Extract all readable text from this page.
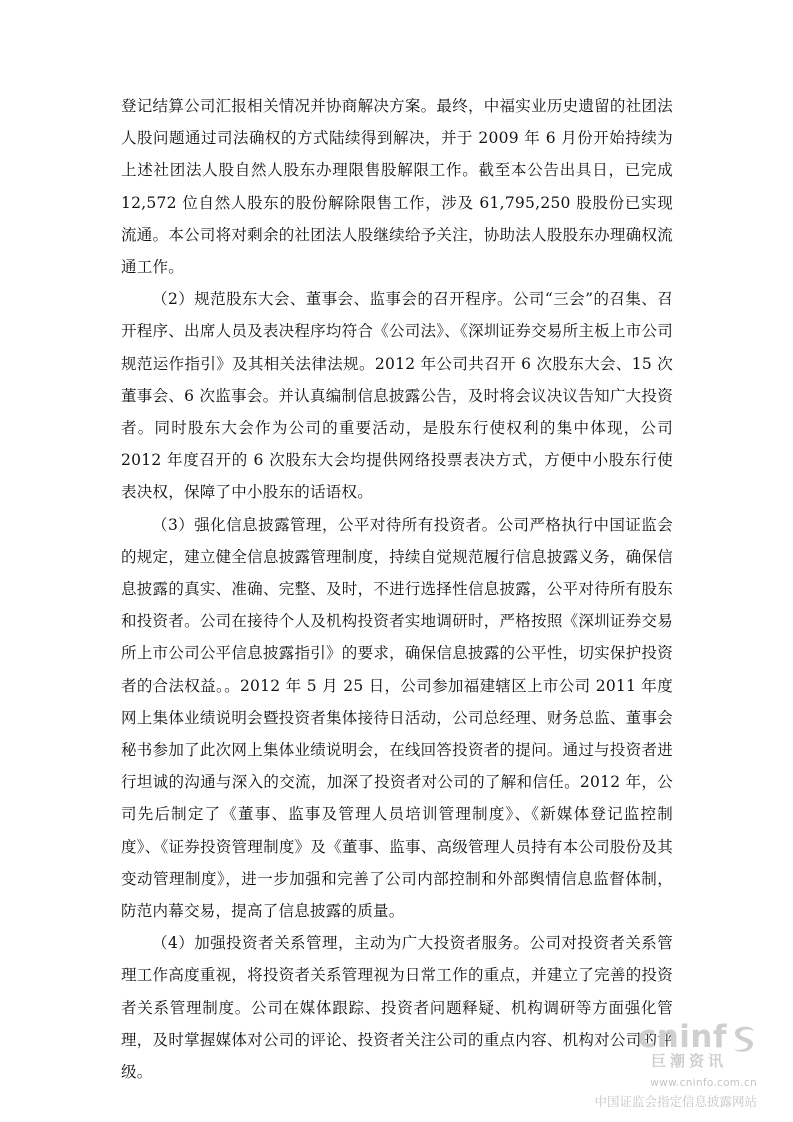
登记结算公司汇报相关情况并协商解决方案。最终，中福实业历史遗留的社团法人股问题通过司法确权的方式陆续得到解决，并于 2009 年 6 月份开始持续为上述社团法人股自然人股东办理限售股解限工作。截至本公告出具日，已完成 12,572 位自然人股东的股份解除限售工作，涉及 61,795,250 股股份已实现流通。本公司将对剩余的社团法人股继续给予关注，协助法人股股东办理确权流通工作。

（2）规范股东大会、董事会、监事会的召开程序。公司“三会”的召集、召开程序、出席人员及表决程序均符合《公司法》、《深圳证券交易所主板上市公司规范运作指引》及其相关法律法规。2012 年公司共召开 6 次股东大会、15 次董事会、6 次监事会。并认真编制信息披露公告，及时将会议决议告知广大投资者。同时股东大会作为公司的重要活动，是股东行使权利的集中体现，公司 2012 年度召开的 6 次股东大会均提供网络投票表决方式，方便中小股东行使表决权，保障了中小股东的话语权。

（3）强化信息披露管理，公平对待所有投资者。公司严格执行中国证监会的规定，建立健全信息披露管理制度，持续自觉规范履行信息披露义务，确保信息披露的真实、准确、完整、及时，不进行选择性信息披露，公平对待所有股东和投资者。公司在接待个人及机构投资者实地调研时，严格按照《深圳证券交易所上市公司公平信息披露指引》的要求，确保信息披露的公平性，切实保护投资者的合法权益。。2012 年 5 月 25 日，公司参加福建辖区上市公司 2011 年度网上集体业绩说明会暨投资者集体接待日活动，公司总经理、财务总监、董事会秘书参加了此次网上集体业绩说明会，在线回答投资者的提问。通过与投资者进行坦诚的沟通与深入的交流，加深了投资者对公司的了解和信任。2012 年，公司先后制定了《董事、监事及管理人员培训管理制度》、《新媒体登记监控制度》、《证券投资管理制度》及《董事、监事、高级管理人员持有本公司股份及其变动管理制度》，进一步加强和完善了公司内部控制和外部舆情信息监督体制，防范内幕交易，提高了信息披露的质量。

（4）加强投资者关系管理，主动为广大投资者服务。公司对投资者关系管理工作高度重视，将投资者关系管理视为日常工作的重点，并建立了完善的投资者关系管理制度。公司在媒体跟踪、投资者问题释疑、机构调研等方面强化管理，及时掌握媒体对公司的评论、投资者关注公司的重点内容、机构对公司的评级。

cninf
巨潮资讯
www.cninfo.com.cn
中国证监会指定信息披露网站
